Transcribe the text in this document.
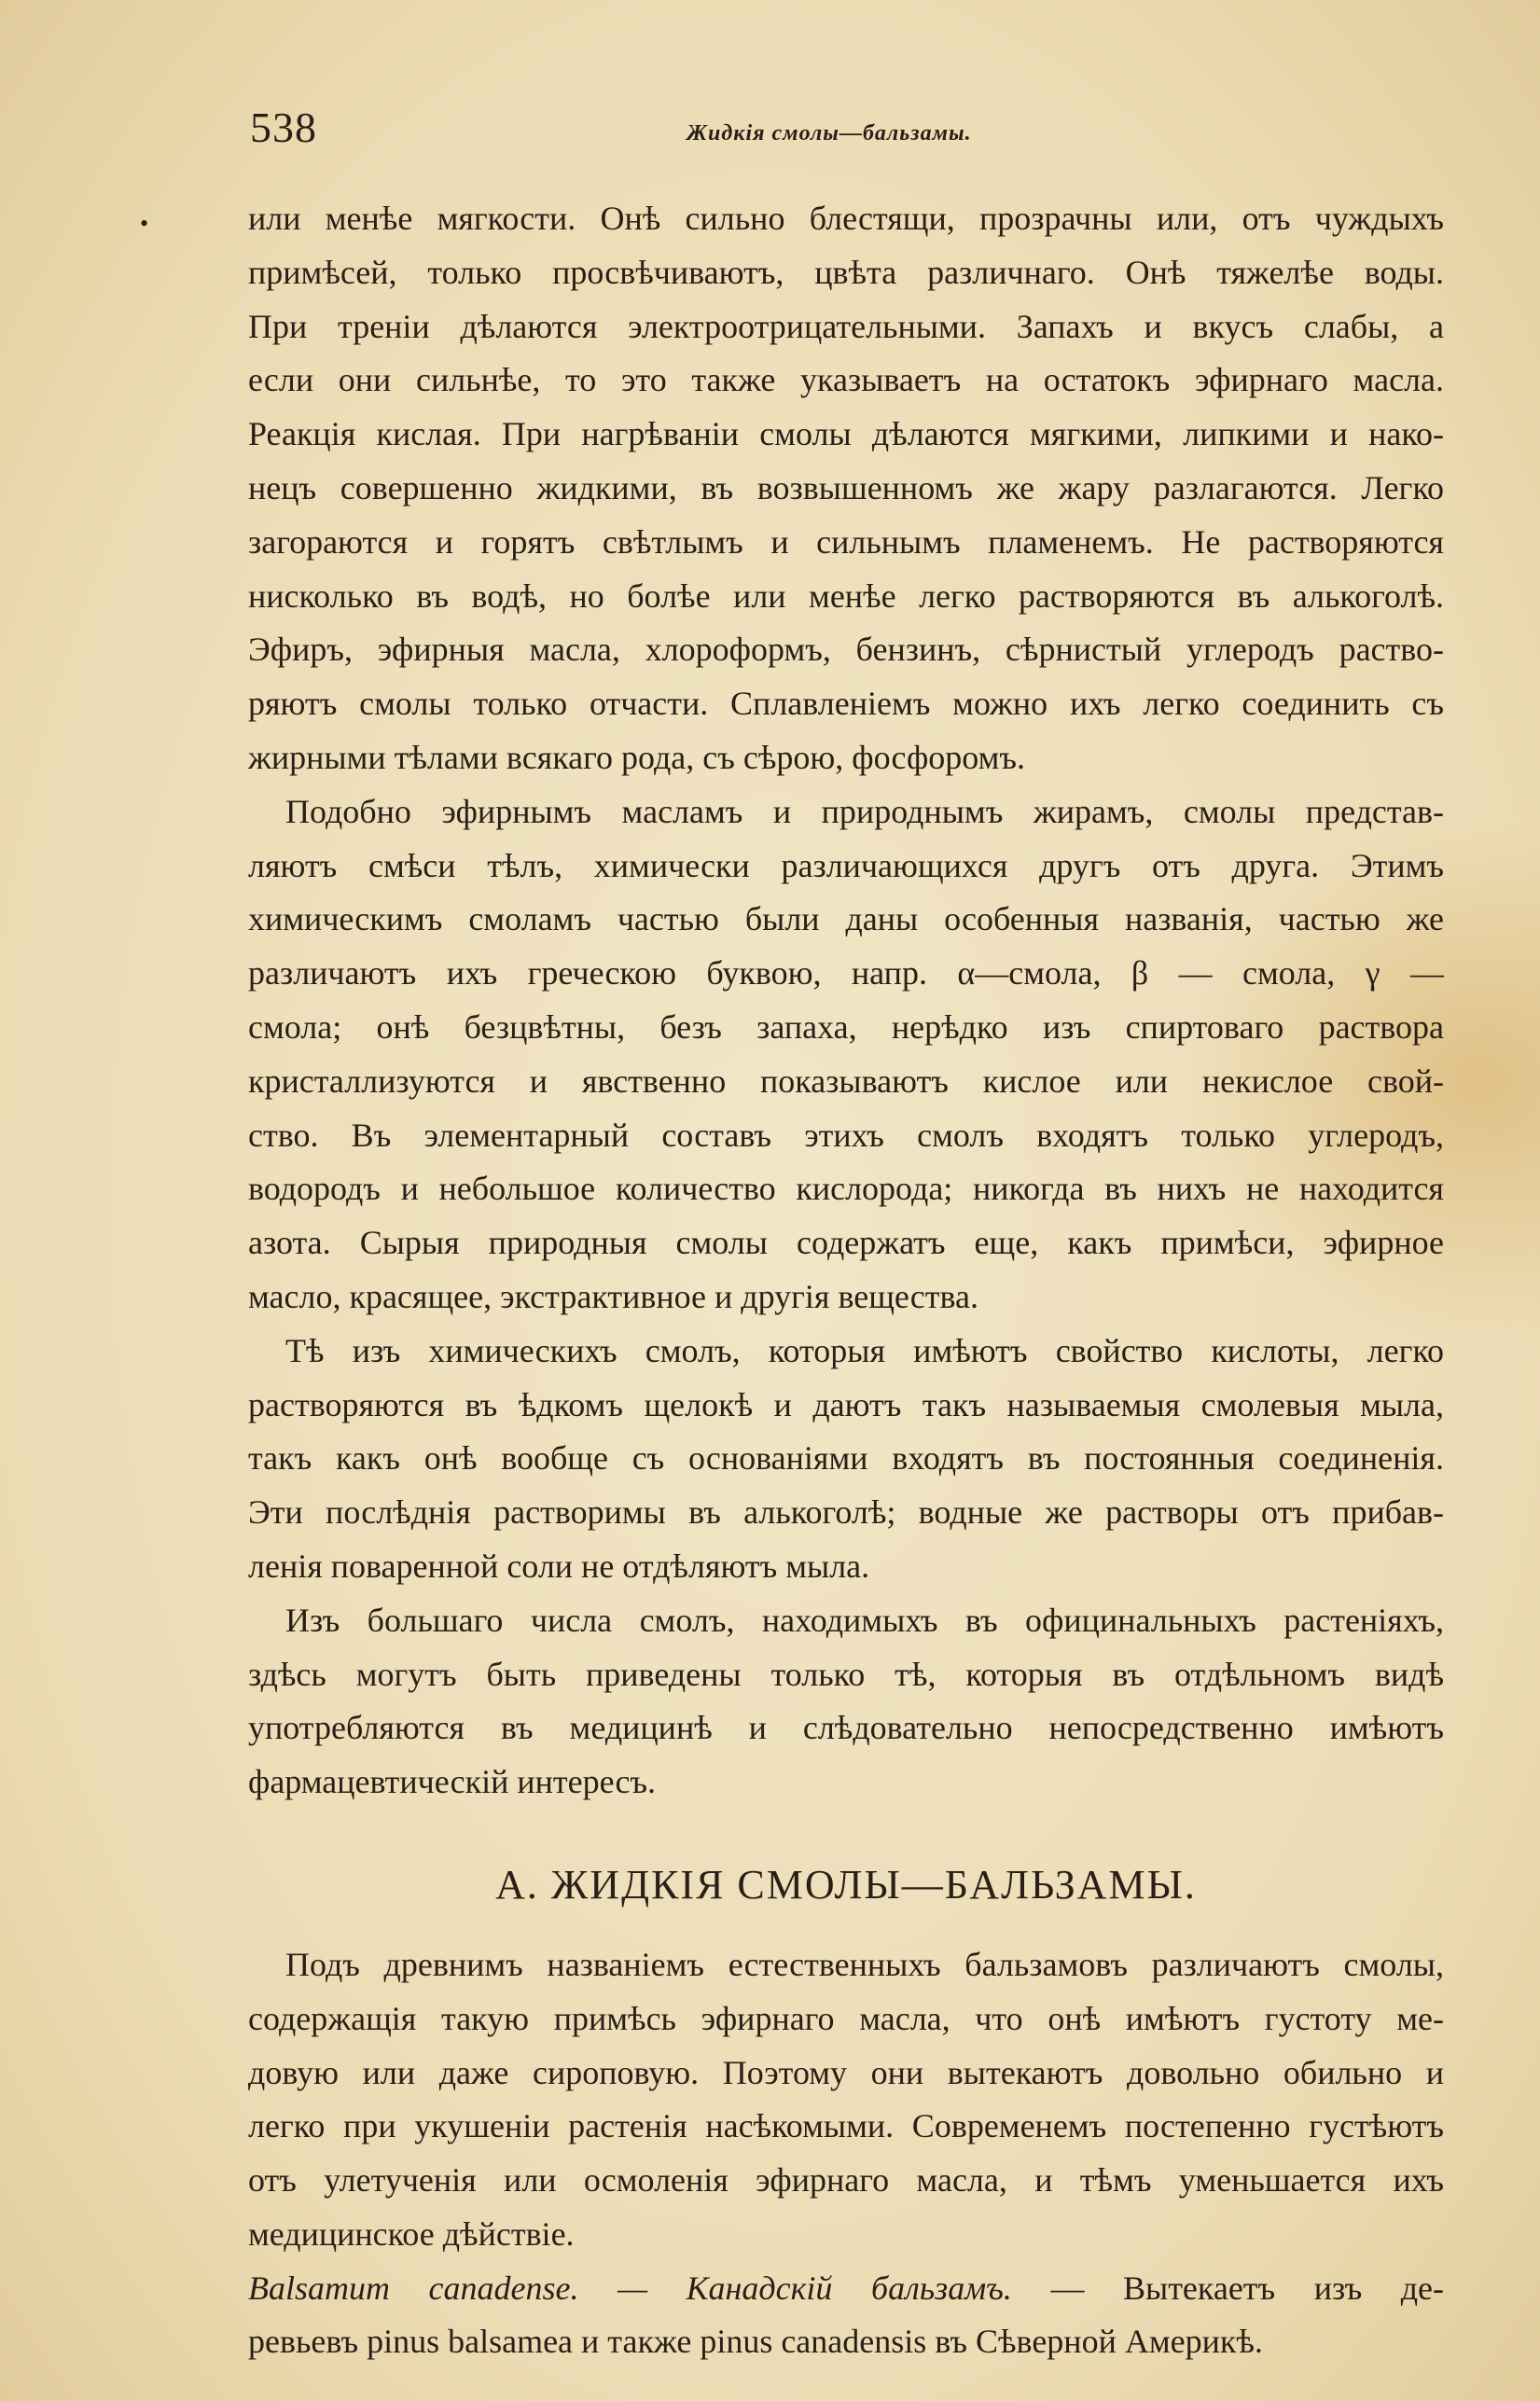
•
538	Жидкія смолы—бальзамы.

или менѣе мягкости. Онѣ сильно блестящи, прозрачны или, отъ чуждыхъ
примѣсей, только просвѣчиваютъ, цвѣта различнаго. Онѣ тяжелѣе воды.
При треніи дѣлаются электроотрицательными. Запахъ и вкусъ слабы, а
если они сильнѣе, то это также указываетъ на остатокъ эфирнаго масла.
Реакція кислая. При нагрѣваніи смолы дѣлаются мягкими, липкими и нако-
нецъ совершенно жидкими, въ возвышенномъ же жару разлагаются. Легко
загораются и горятъ свѣтлымъ и сильнымъ пламенемъ. Не растворяются
нисколько въ водѣ, но болѣе или менѣе легко растворяются въ алькоголѣ.
Эфиръ, эфирныя масла, хлороформъ, бензинъ, сѣрнистый углеродъ раство-
ряютъ смолы только отчасти. Сплавленіемъ можно ихъ легко соединить съ
жирными тѣлами всякаго рода, съ сѣрою, фосфоромъ.

Подобно эфирнымъ масламъ и природнымъ жирамъ, смолы представ-
ляютъ смѣси тѣлъ, химически различающихся другъ отъ друга. Этимъ
химическимъ смоламъ частью были даны особенныя названія, частью же
различаютъ ихъ греческою буквою, напр. α—смола, β — смола, γ —
смола; онѣ безцвѣтны, безъ запаха, нерѣдко изъ спиртоваго раствора
кристаллизуются и явственно показываютъ кислое или некислое свой-
ство. Въ элементарный составъ этихъ смолъ входятъ только углеродъ,
водородъ и небольшое количество кислорода; никогда въ нихъ не находится
азота. Сырыя природныя смолы содержатъ еще, какъ примѣси, эфирное
масло, красящее, экстрактивное и другія вещества.

Тѣ изъ химическихъ смолъ, которыя имѣютъ свойство кислоты, легко
растворяются въ ѣдкомъ щелокѣ и даютъ такъ называемыя смолевыя мыла,
такъ какъ онѣ вообще съ основаніями входятъ въ постоянныя соединенія.
Эти послѣднія растворимы въ алькоголѣ; водные же растворы отъ прибав-
ленія поваренной соли не отдѣляютъ мыла.

Изъ большаго числа смолъ, находимыхъ въ официнальныхъ растеніяхъ,
здѣсь могутъ быть приведены только тѣ, которыя въ отдѣльномъ видѣ
употребляются въ медицинѣ и слѣдовательно непосредственно имѣютъ
фармацевтическій интересъ.

А. ЖИДКІЯ СМОЛЫ—БАЛЬЗАМЫ.

Подъ древнимъ названіемъ естественныхъ бальзамовъ различаютъ смолы,
содержащія такую примѣсь эфирнаго масла, что онѣ имѣютъ густоту ме-
довую или даже сироповую. Поэтому они вытекаютъ довольно обильно и
легко при укушеніи растенія насѣкомыми. Современемъ постепенно густѣютъ
отъ улетученія или осмоленія эфирнаго масла, и тѣмъ уменьшается ихъ
медицинское дѣйствіе.

Balsamum canadense. — Канадскій бальзамъ. — Вытекаетъ изъ де-
ревьевъ pinus balsamea и также pinus canadensis въ Сѣверной Америкѣ.
